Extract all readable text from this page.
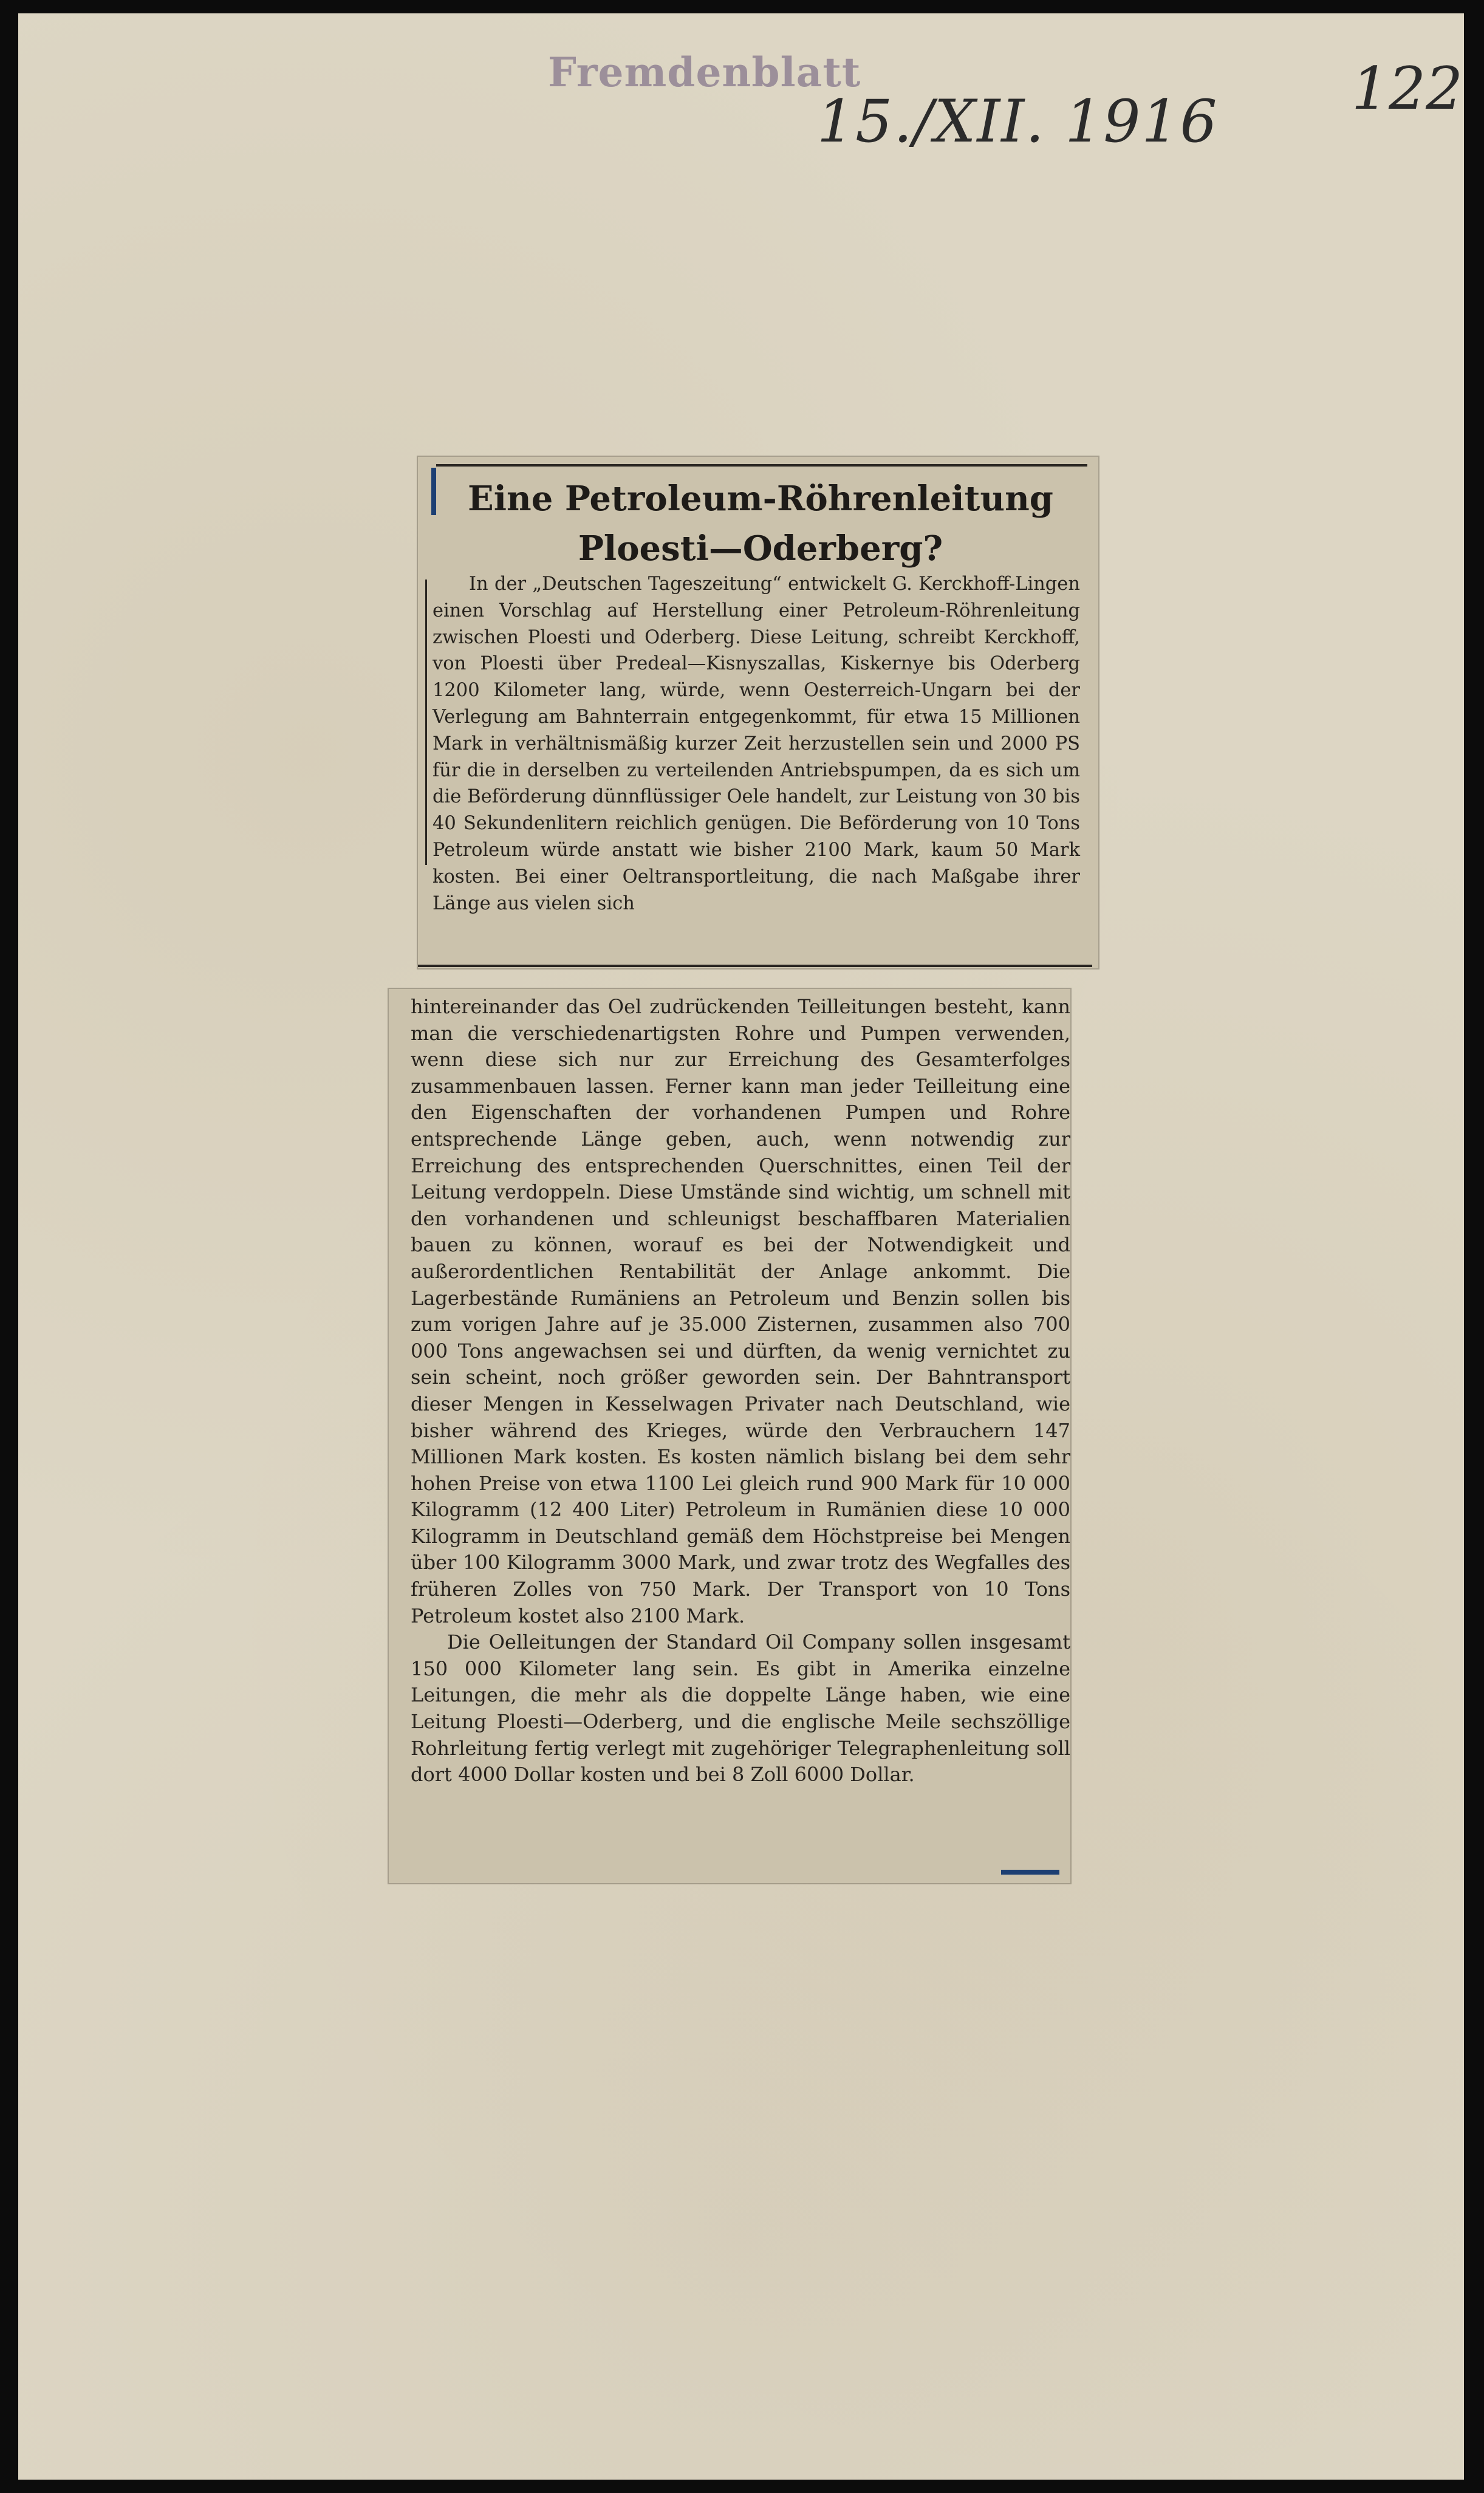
Fremdenblatt
15./XII. 1916 122
Eine Petroleum-Röhrenleitung Ploesti—Oderberg?

In der „Deutschen Tageszeitung“ entwickelt G. Kerckhoff-Lingen einen Vorschlag auf Herstellung einer Petroleum-Röhrenleitung zwischen Ploesti und Oderberg. Diese Leitung, schreibt Kerckhoff, von Ploesti über Predeal—Kisnyszallas, Kiskernye bis Oderberg 1200 Kilometer lang, würde, wenn Oesterreich-Ungarn bei der Verlegung am Bahnterrain entgegenkommt, für etwa 15 Millionen Mark in verhältnismäßig kurzer Zeit herzustellen sein und 2000 PS für die in derselben zu verteilenden Antriebspumpen, da es sich um die Beförderung dünnflüssiger Oele handelt, zur Leistung von 30 bis 40 Sekundenlitern reichlich genügen. Die Beförderung von 10 Tons Petroleum würde anstatt wie bisher 2100 Mark, kaum 50 Mark kosten. Bei einer Oeltransportleitung, die nach Maßgabe ihrer Länge aus vielen sich

hintereinander das Oel zudrückenden Teilleitungen besteht, kann man die verschiedenartigsten Rohre und Pumpen verwenden, wenn diese sich nur zur Erreichung des Gesamterfolges zusammenbauen lassen. Ferner kann man jeder Teilleitung eine den Eigenschaften der vorhandenen Pumpen und Rohre entsprechende Länge geben, auch, wenn notwendig zur Erreichung des entsprechenden Querschnittes, einen Teil der Leitung verdoppeln. Diese Umstände sind wichtig, um schnell mit den vorhandenen und schleunigst beschaffbaren Materialien bauen zu können, worauf es bei der Notwendigkeit und außerordentlichen Rentabilität der Anlage ankommt. Die Lagerbestände Rumäniens an Petroleum und Benzin sollen bis zum vorigen Jahre auf je 35.000 Zisternen, zusammen also 700 000 Tons angewachsen sei und dürften, da wenig vernichtet zu sein scheint, noch größer geworden sein. Der Bahntransport dieser Mengen in Kesselwagen Privater nach Deutschland, wie bisher während des Krieges, würde den Verbrauchern 147 Millionen Mark kosten. Es kosten nämlich bislang bei dem sehr hohen Preise von etwa 1100 Lei gleich rund 900 Mark für 10 000 Kilogramm (12 400 Liter) Petroleum in Rumänien diese 10 000 Kilogramm in Deutschland gemäß dem Höchstpreise bei Mengen über 100 Kilogramm 3000 Mark, und zwar trotz des Wegfalles des früheren Zolles von 750 Mark. Der Transport von 10 Tons Petroleum kostet also 2100 Mark.

Die Oelleitungen der Standard Oil Company sollen insgesamt 150 000 Kilometer lang sein. Es gibt in Amerika einzelne Leitungen, die mehr als die doppelte Länge haben, wie eine Leitung Ploesti—Oderberg, und die englische Meile sechszöllige Rohrleitung fertig verlegt mit zugehöriger Telegraphenleitung soll dort 4000 Dollar kosten und bei 8 Zoll 6000 Dollar.
